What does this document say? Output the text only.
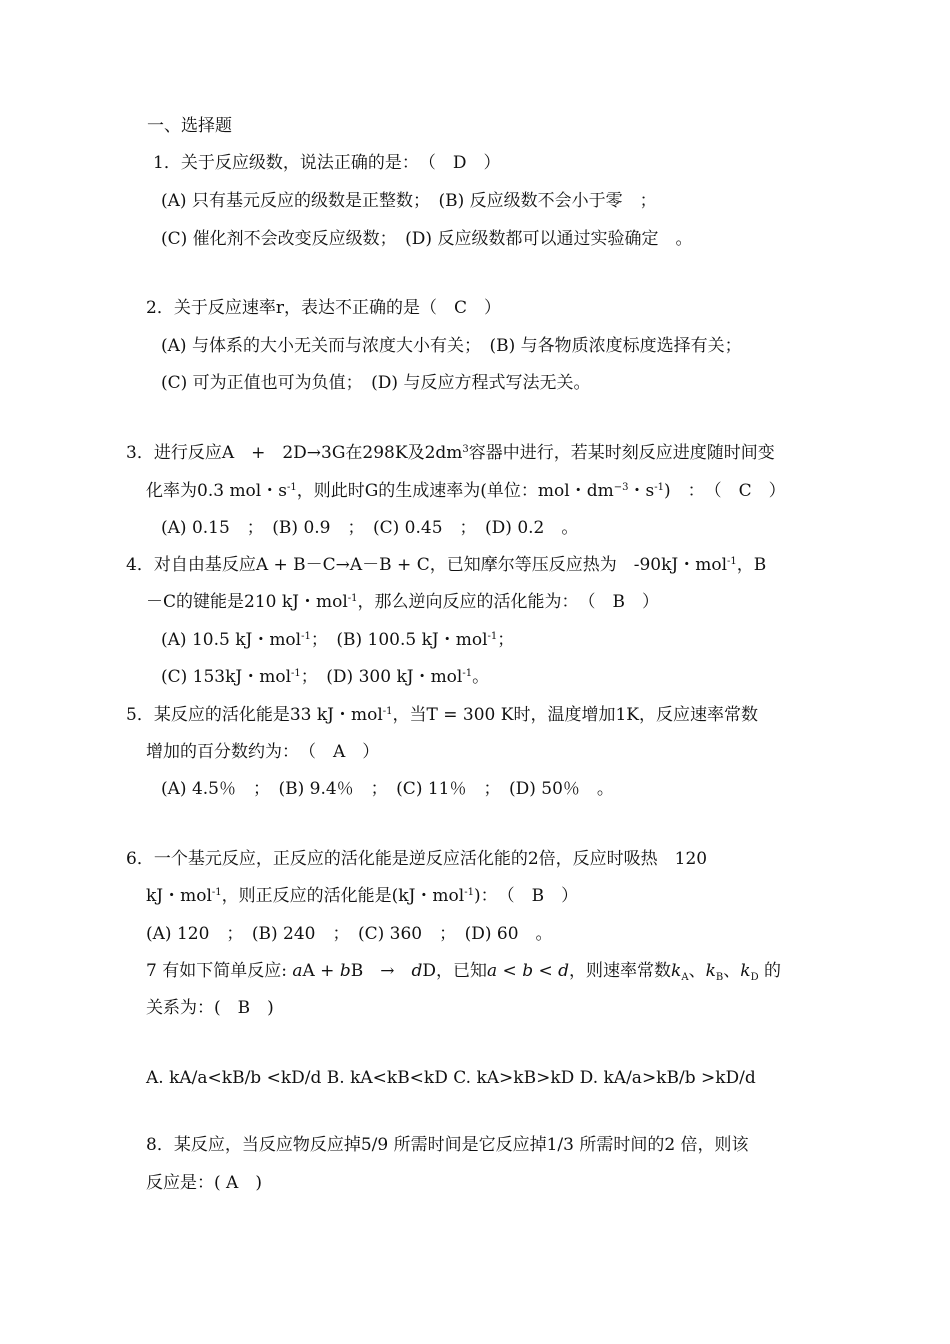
一、选择题
1．关于反应级数，说法正确的是：　（　D　）
(A) 只有基元反应的级数是正整数；　(B) 反应级数不会小于零　；
(C) 催化剂不会改变反应级数；　(D) 反应级数都可以通过实验确定　。
2．关于反应速率r，表达不正确的是（　C　）
(A) 与体系的大小无关而与浓度大小有关；　(B) 与各物质浓度标度选择有关；
(C) 可为正值也可为负值；　(D) 与反应方程式写法无关。
3．进行反应A　+　2D→3G在298K及$2dm^3$容器中进行，若某时刻反应进度随时间变
化率为0.3 mol・$s^{-1}$，则此时G的生成速率为(单位：mol・$dm^{-3}$・$s^{-1}$)　：　（　C　）
(A) 0.15　；　(B) 0.9　；　(C) 0.45　；　(D) 0.2　。
4．对自由基反应A + B－C→A－B + C，已知摩尔等压反应热为　-90kJ・mol$^{-1}$，B
－C的键能是210 kJ・mol$^{-1}$，那么逆向反应的活化能为：　（　B　）
(A) 10.5 kJ・mol$^{-1}$；　(B) 100.5 kJ・mol$^{-1}$；
(C) 153kJ・mol$^{-1}$；　(D) 300 kJ・mol$^{-1}$。
5．某反应的活化能是33 kJ・mol$^{-1}$，当T = 300 K时，温度增加1K，反应速率常数
增加的百分数约为：　（　A　）
(A) 4.5％　；　(B) 9.4％　；　(C) 11％　；　(D) 50％　。
6．一个基元反应，正反应的活化能是逆反应活化能的2倍，反应时吸热　120
kJ・mol$^{-1}$，则正反应的活化能是(kJ・mol$^{-1}$)：　（　B　）
(A) 120　；　(B) 240　；　(C) 360　；　(D) 60　。
7 有如下简单反应: aA + bB　→　dD，已知a < b < d，则速率常数$k_A$、$k_B$、$k_D$ 的
关系为：(　B　)
A. kA/a<kB/b <kD/d B. kA<kB<kD C. kA>kB>kD D. kA/a>kB/b >kD/d
8．某反应，当反应物反应掉5/9 所需时间是它反应掉1/3 所需时间的2 倍，则该
反应是：( A　)
